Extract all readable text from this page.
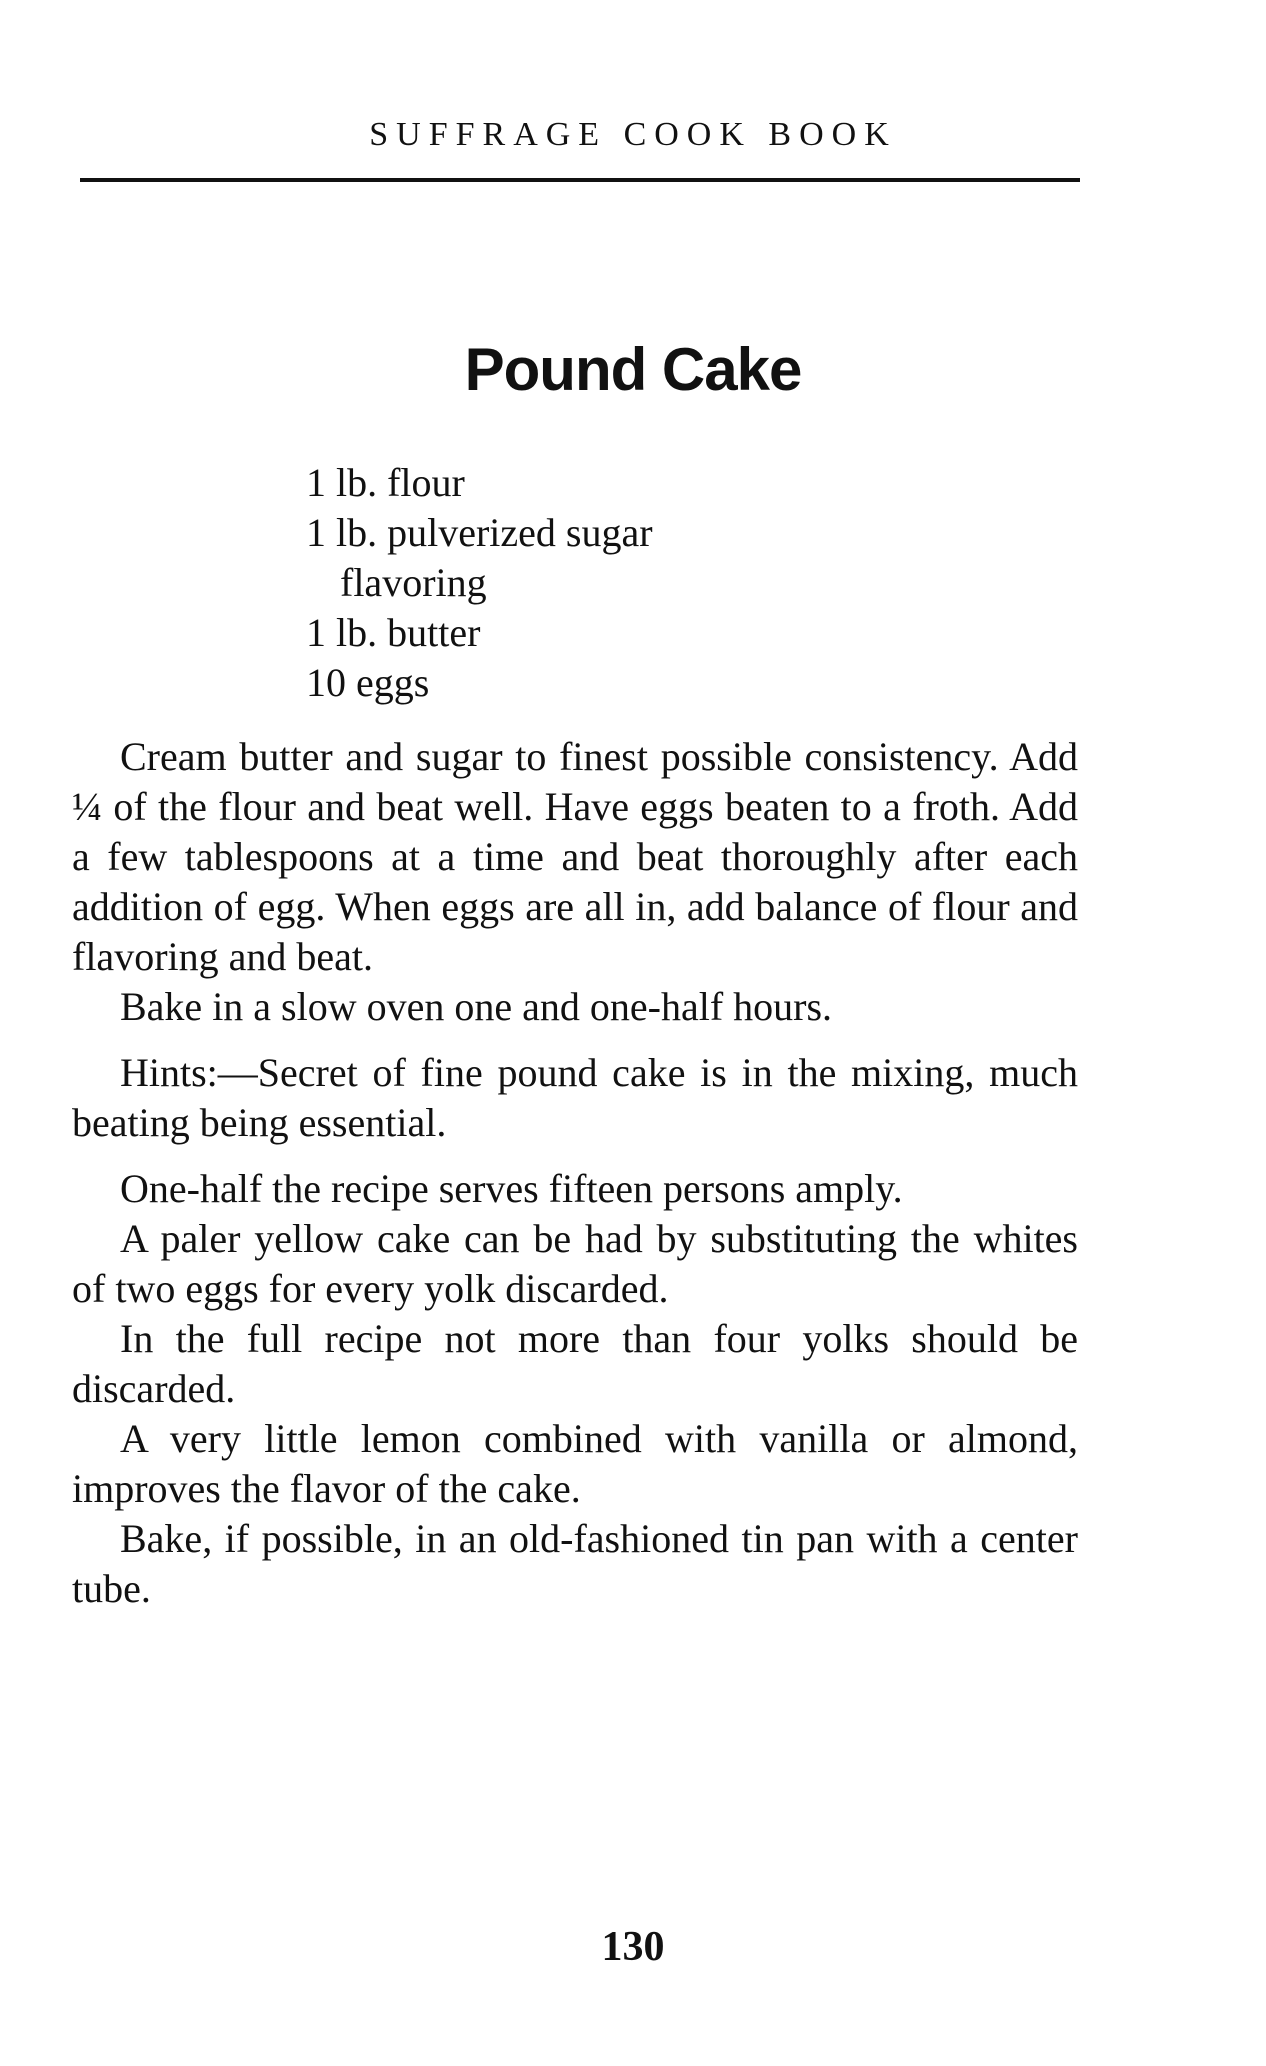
SUFFRAGE COOK BOOK
Pound Cake
1 lb. flour
1 lb. pulverized sugar
flavoring
1 lb. butter
10 eggs

Cream butter and sugar to finest possible consistency. Add ¼ of the flour and beat well. Have eggs beaten to a froth. Add a few tablespoons at a time and beat thoroughly after each addition of egg. When eggs are all in, add balance of flour and flavoring and beat.

Bake in a slow oven one and one-half hours.

Hints:—Secret of fine pound cake is in the mixing, much beating being essential.

One-half the recipe serves fifteen persons amply.

A paler yellow cake can be had by substituting the whites of two eggs for every yolk discarded.

In the full recipe not more than four yolks should be discarded.

A very little lemon combined with vanilla or almond, improves the flavor of the cake.

Bake, if possible, in an old-fashioned tin pan with a center tube.

130
